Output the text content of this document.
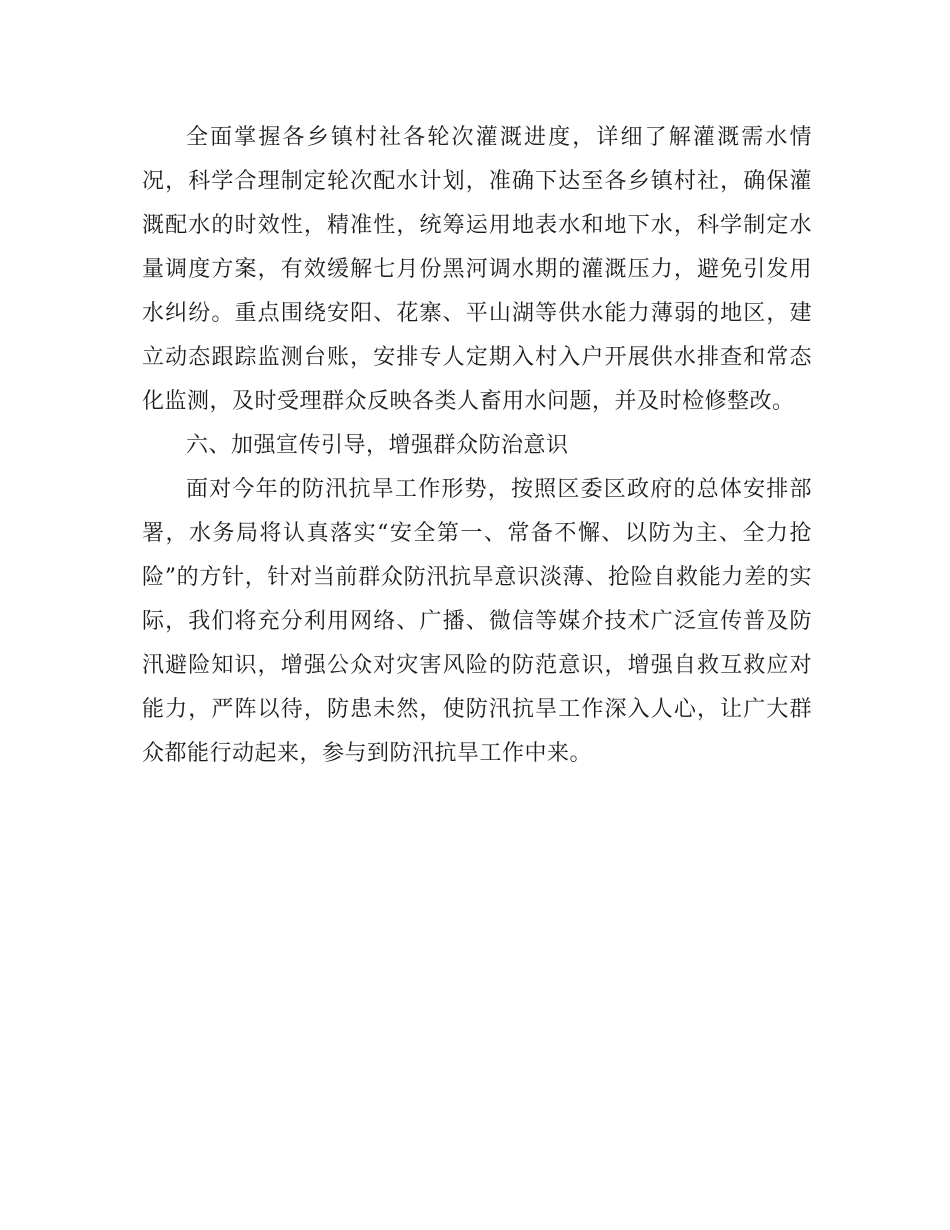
全面掌握各乡镇村社各轮次灌溉进度，详细了解灌溉需水情况，科学合理制定轮次配水计划，准确下达至各乡镇村社，确保灌溉配水的时效性，精准性，统筹运用地表水和地下水，科学制定水量调度方案，有效缓解七月份黑河调水期的灌溉压力，避免引发用水纠纷。重点围绕安阳、花寨、平山湖等供水能力薄弱的地区，建立动态跟踪监测台账，安排专人定期入村入户开展供水排查和常态化监测，及时受理群众反映各类人畜用水问题，并及时检修整改。

六、加强宣传引导，增强群众防治意识

面对今年的防汛抗旱工作形势，按照区委区政府的总体安排部署，水务局将认真落实“安全第一、常备不懈、以防为主、全力抢险”的方针，针对当前群众防汛抗旱意识淡薄、抢险自救能力差的实际，我们将充分利用网络、广播、微信等媒介技术广泛宣传普及防汛避险知识，增强公众对灾害风险的防范意识，增强自救互救应对能力，严阵以待，防患未然，使防汛抗旱工作深入人心，让广大群众都能行动起来，参与到防汛抗旱工作中来。
